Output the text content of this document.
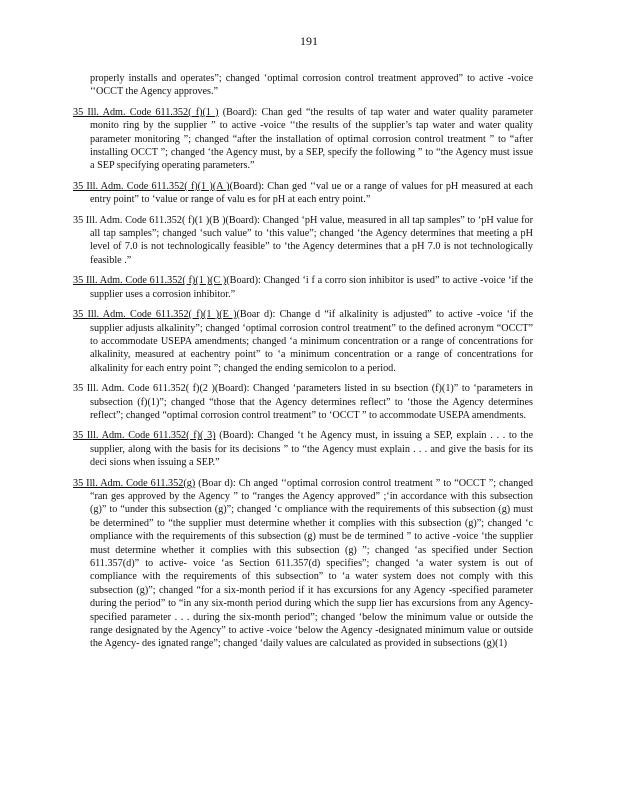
191

properly installs and operates”; changed ‘optimal corrosion control treatment approved” to active -voice ‘‘OCCT the Agency approves.”

35 Ill. Adm. Code 611.352( f)(1 ) (Board): Chan ged “the results of tap water and water quality parameter monito ring by the supplier ” to active -voice ‘‘the results of the supplier’s tap water and water quality parameter monitoring ”; changed “after the installation of optimal corrosion control treatment ” to “after installing OCCT ”; changed ‘the Agency must, by a SEP, specify the following ” to “the Agency must issue a SEP specifying operating parameters.”

35 Ill. Adm. Code 611.352( f)(1 )(A )(Board): Chan ged ‘‘val ue or a range of values for pH measured at each entry point” to ‘value or range of valu es for pH at each entry point.”

35 Ill. Adm. Code 611.352( f)(1 )(B )(Board): Changed ‘pH value, measured in all tap samples” to ‘pH value for all tap samples”; changed ‘such value” to ‘this value”; changed ‘the Agency determines that meeting a pH level of 7.0 is not technologically feasible” to ‘the Agency determines that a pH 7.0 is not technologically feasible .”

35 Ill. Adm. Code 611.352( f)(1 )(C )(Board): Changed ‘i f a corro sion inhibitor is used” to active -voice ‘if the supplier uses a corrosion inhibitor.”

35 Ill. Adm. Code 611.352( f)(1 )(E )(Boar d): Change d “if alkalinity is adjusted” to active -voice ‘if the supplier adjusts alkalinity”; changed ‘optimal corrosion control treatment” to the defined acronym “OCCT” to accommodate USEPA amendments; changed ‘a minimum concentration or a range of concentrations for alkalinity, measured at eachentry point” to ‘a minimum concentration or a range of concentrations for alkalinity for each entry point ”; changed the ending semicolon to a period.

35 Ill. Adm. Code 611.352( f)(2 )(Board): Changed ‘parameters listed in su bsection (f)(1)” to ‘parameters in subsection (f)(1)”; changed “those that the Agency determines reflect” to ‘those the Agency determines reflect”; changed “optimal corrosion control treatment” to ‘OCCT ” to accommodate USEPA amendments.

35 Ill. Adm. Code 611.352( f)( 3) (Board): Changed ‘t he Agency must, in issuing a SEP, explain . . . to the supplier, along with the basis for its decisions ” to “the Agency must explain . . . and give the basis for its deci sions when issuing a SEP.”

35 Ill. Adm. Code 611.352(g) (Boar d): Ch anged ‘‘optimal corrosion control treatment ” to “OCCT ”; changed “ran ges approved by the Agency ” to “ranges the Agency approved” ;‘in accordance with this subsection (g)” to “under this subsection (g)”; changed ‘c ompliance with the requirements of this subsection (g) must be determined” to “the supplier must determine whether it complies with this subsection (g)”; changed ‘c ompliance with the requirements of this subsection (g) must be de termined ” to active -voice ‘the supplier must determine whether it complies with this subsection (g) ”; changed ‘as specified under Section 611.357(d)” to active- voice ‘as Section 611.357(d) specifies”; changed ‘a water system is out of compliance with the requirements of this subsection” to ‘a water system does not comply with this subsection (g)”; changed “for a six-month period if it has excursions for any Agency -specified parameter during the period” to “in any six-month period during which the supp lier has excursions from any Agency- specified parameter . . . during the six-month period”; changed ‘below the minimum value or outside the range designated by the Agency” to active -voice ‘below the Agency -designated minimum value or outside the Agency- des ignated range”; changed ‘daily values are calculated as provided in subsections (g)(1)
